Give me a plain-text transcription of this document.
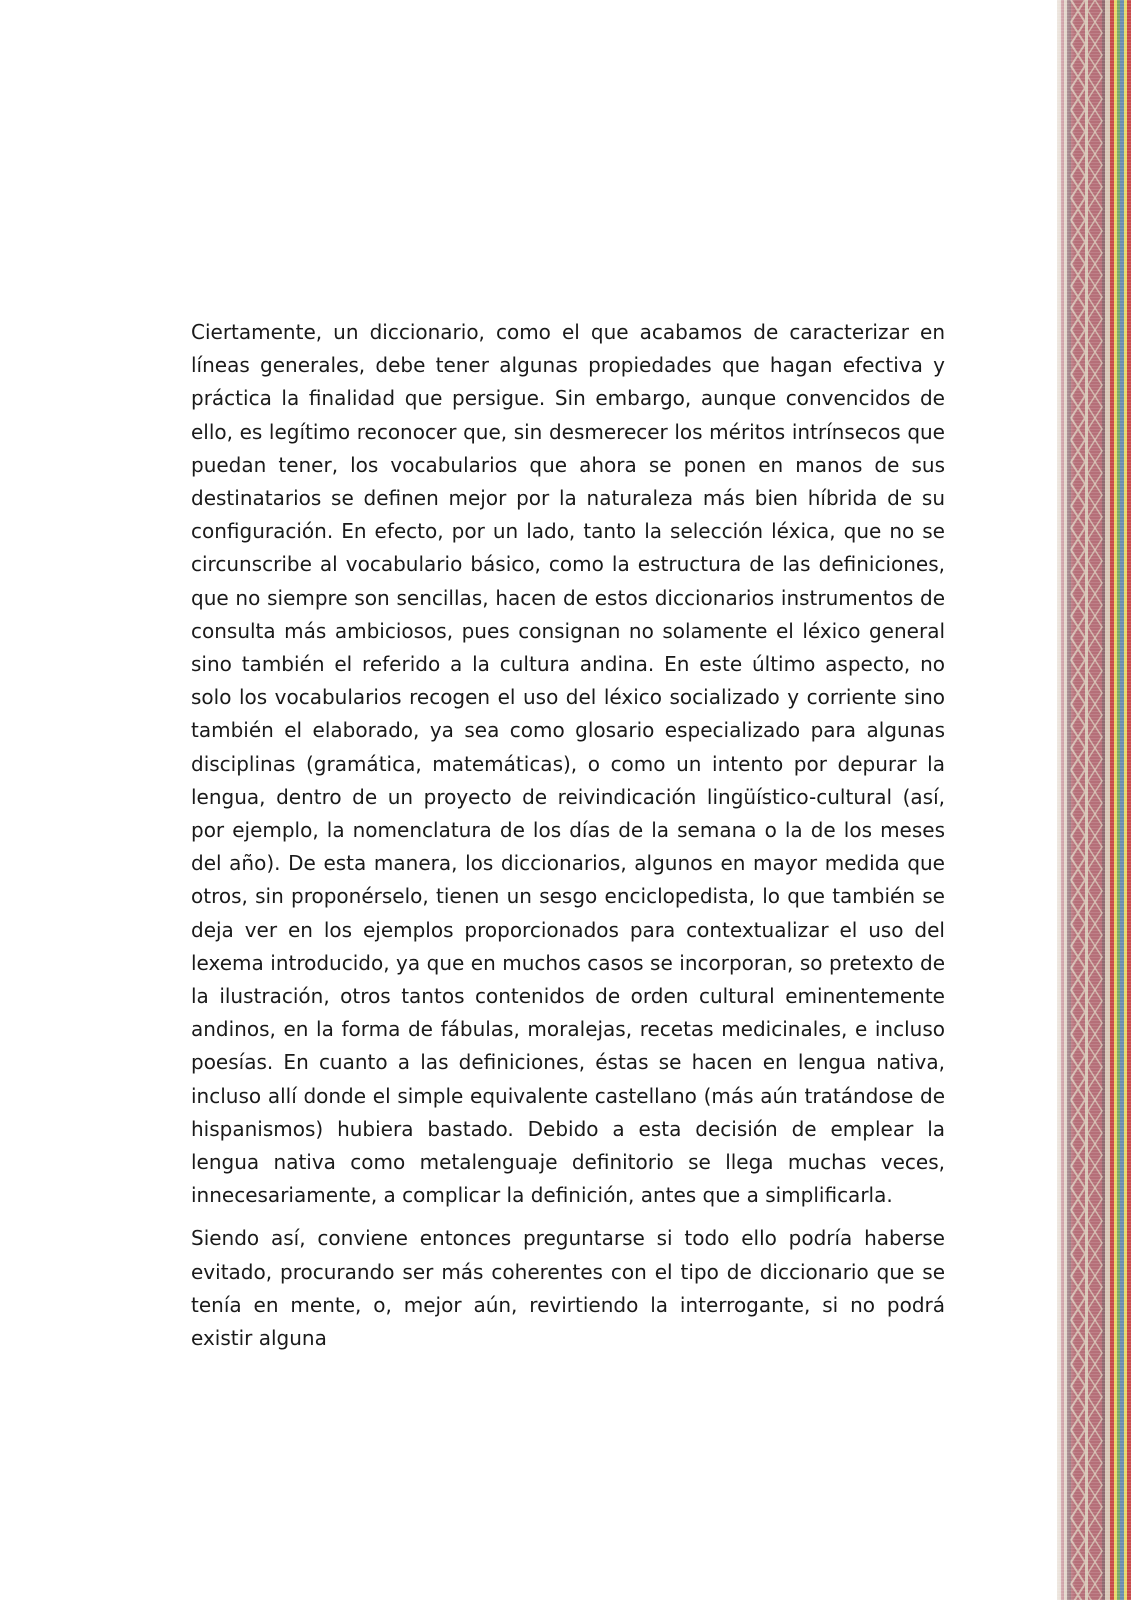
Ciertamente, un diccionario, como el que acabamos de caracterizar en líneas generales, debe tener algunas propiedades que hagan efectiva y práctica la finalidad que persigue. Sin embargo, aunque convencidos de ello, es legítimo reconocer que, sin desmerecer los méritos intrínsecos que puedan tener, los vocabularios que ahora se ponen en manos de sus destinatarios se definen mejor por la naturaleza más bien híbrida de su configuración. En efecto, por un lado, tanto la selección léxica, que no se circunscribe al vocabulario básico, como la estructura de las definiciones, que no siempre son sencillas, hacen de estos diccionarios instrumentos de consulta más ambiciosos, pues consignan no solamente el léxico general sino también el referido a la cultura andina. En este último aspecto, no solo los vocabularios recogen el uso del léxico socializado y corriente sino también el elaborado, ya sea como glosario especializado para algunas disciplinas (gramática, matemáticas), o como un intento por depurar la lengua, dentro de un proyecto de reivindicación lingüístico-cultural (así, por ejemplo, la nomenclatura de los días de la semana o la de los meses del año). De esta manera, los diccionarios, algunos en mayor medida que otros, sin proponérselo, tienen un sesgo enciclopedista, lo que también se deja ver en los ejemplos proporcionados para contextualizar el uso del lexema introducido, ya que en muchos casos se incorporan, so pretexto de la ilustración, otros tantos contenidos de orden cultural eminentemente andinos, en la forma de fábulas, moralejas, recetas medicinales, e incluso poesías. En cuanto a las definiciones, éstas se hacen en lengua nativa, incluso allí donde el simple equivalente castellano (más aún tratándose de hispanismos) hubiera bastado. Debido a esta decisión de emplear la lengua nativa como metalenguaje definitorio se llega muchas veces, innecesariamente, a complicar la definición, antes que a simplificarla.

Siendo así, conviene entonces preguntarse si todo ello podría haberse evitado, procurando ser más coherentes con el tipo de diccionario que se tenía en mente, o, mejor aún, revirtiendo la interrogante, si no podrá existir alguna
